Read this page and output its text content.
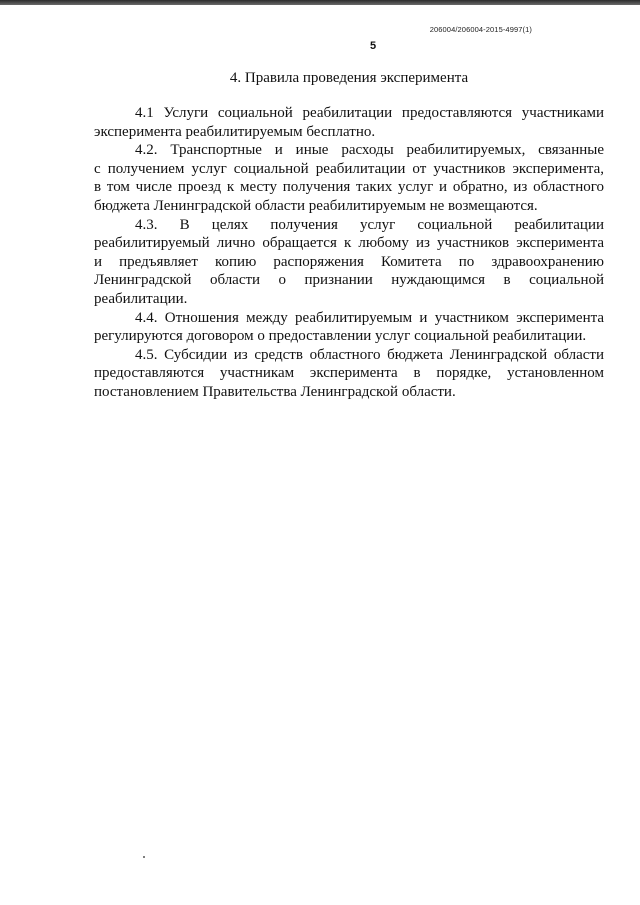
206004/206004-2015-4997(1)
5
4. Правила проведения эксперимента
4.1 Услуги социальной реабилитации предоставляются участниками
эксперимента реабилитируемым бесплатно.
4.2. Транспортные и иные расходы реабилитируемых, связанные
с получением услуг социальной реабилитации от участников эксперимента,
в том числе проезд к месту получения таких услуг и обратно, из областного
бюджета Ленинградской области реабилитируемым не возмещаются.
4.3. В целях получения услуг социальной реабилитации
реабилитируемый лично обращается к любому из участников эксперимента
и предъявляет копию распоряжения Комитета по здравоохранению
Ленинградской области о признании нуждающимся в социальной
реабилитации.
4.4. Отношения между реабилитируемым и участником эксперимента
регулируются договором о предоставлении услуг социальной реабилитации.
4.5. Субсидии из средств областного бюджета Ленинградской области
предоставляются участникам эксперимента в порядке, установленном
постановлением Правительства Ленинградской области.
